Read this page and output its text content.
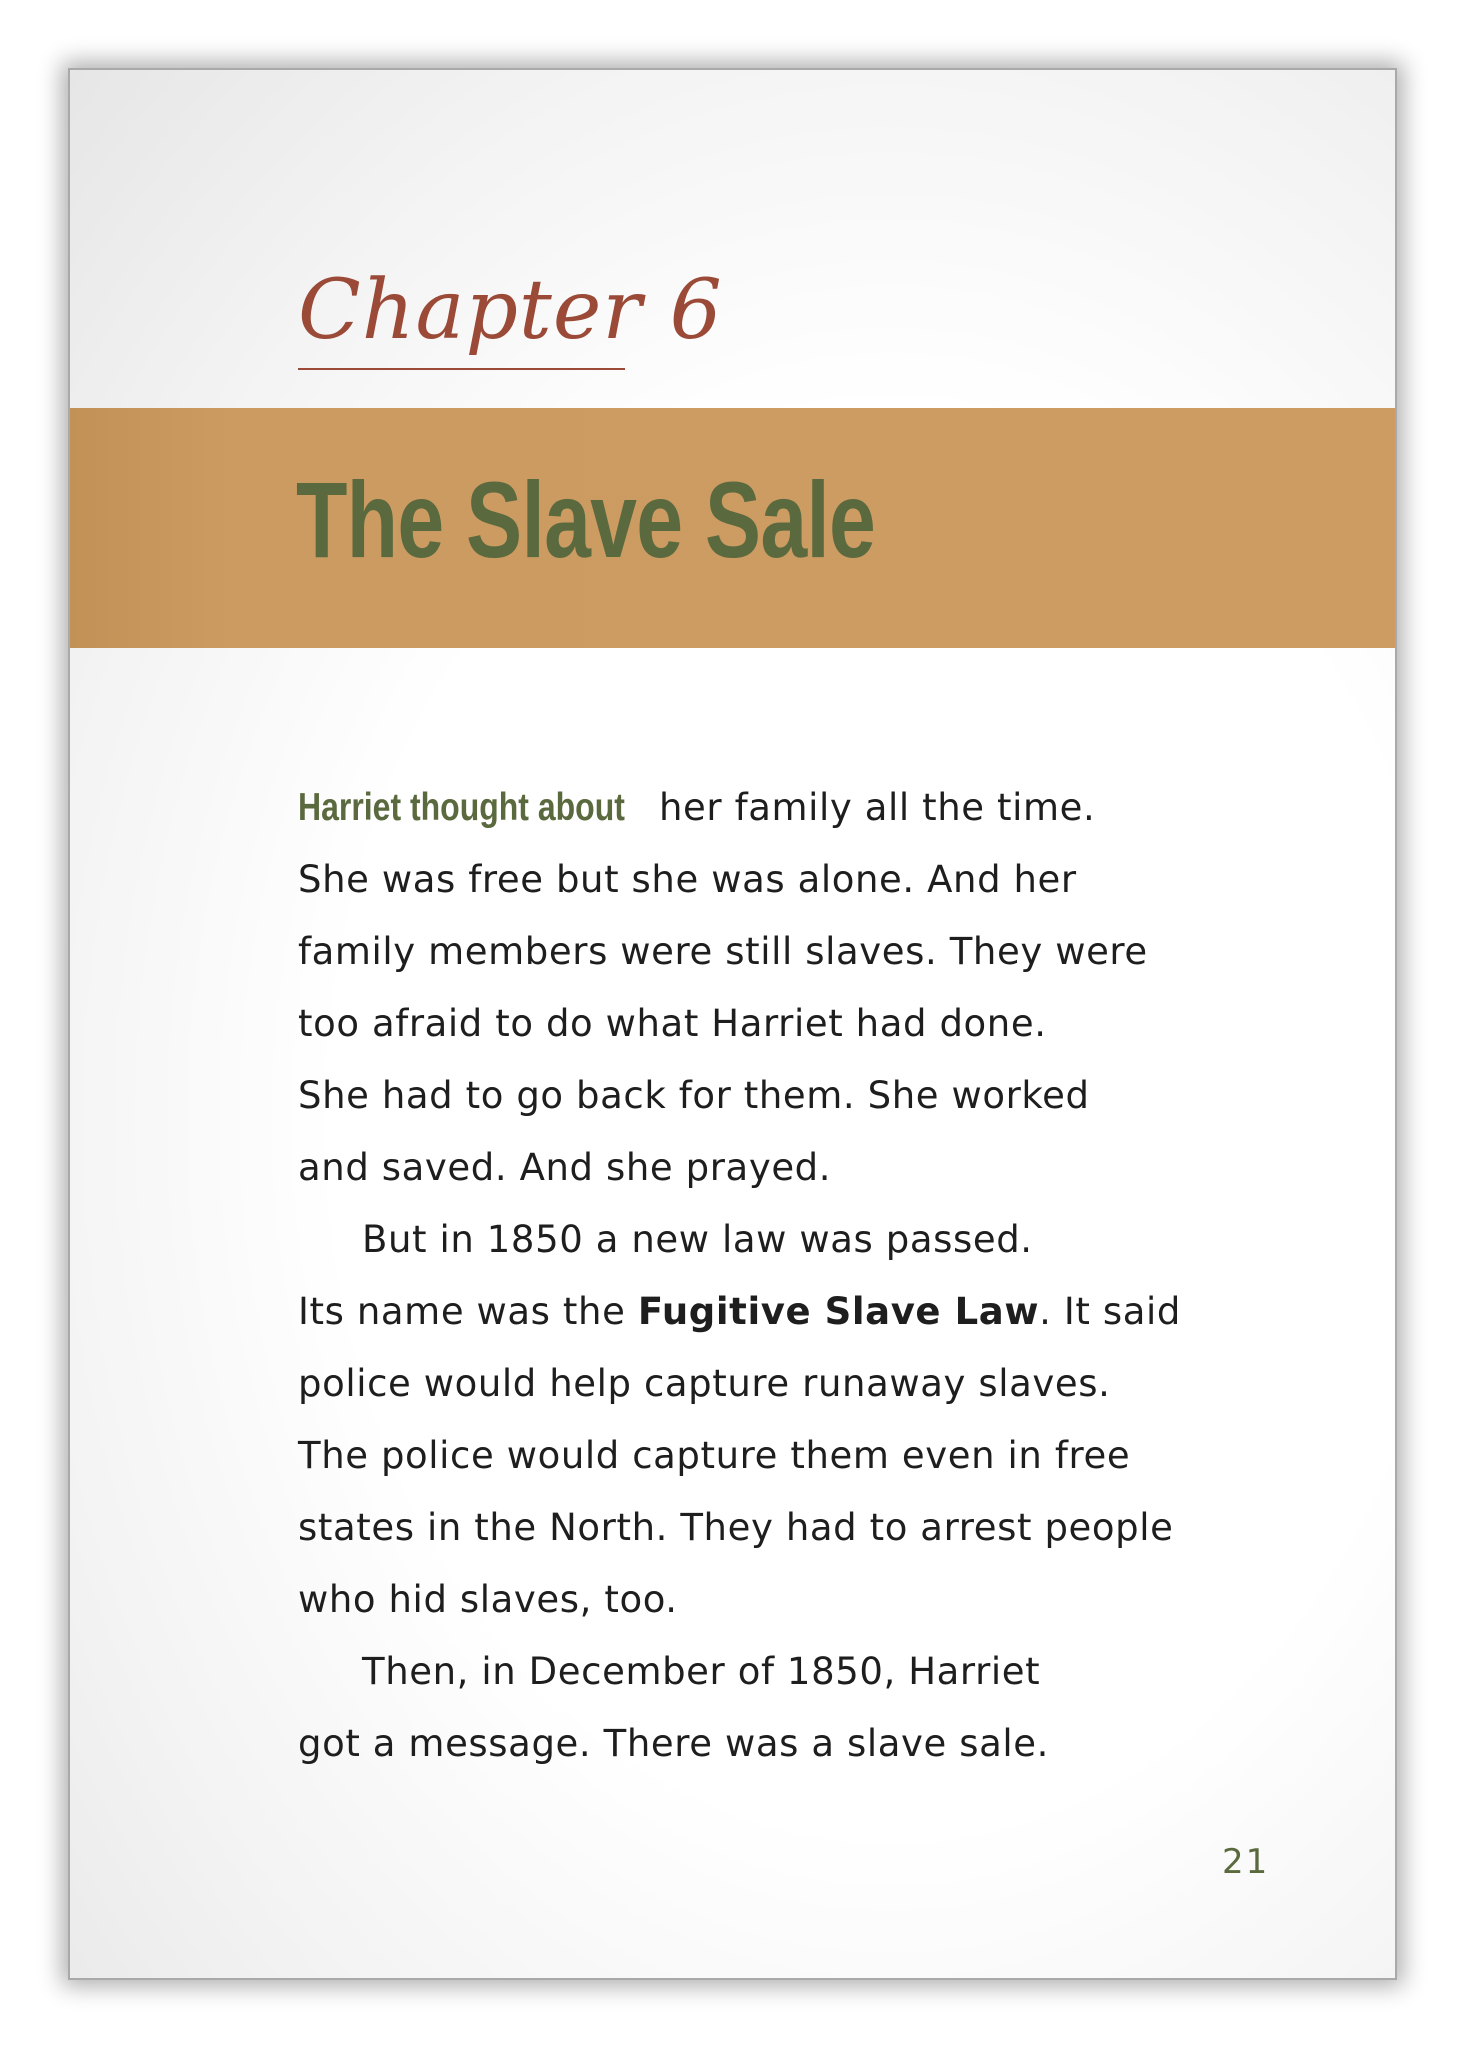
Chapter 6
The Slave Sale
Harriet thought about her family all the time.
She was free but she was alone. And her
family members were still slaves. They were
too afraid to do what Harriet had done.
She had to go back for them. She worked
and saved. And she prayed.
But in 1850 a new law was passed.
Its name was the Fugitive Slave Law. It said
police would help capture runaway slaves.
The police would capture them even in free
states in the North. They had to arrest people
who hid slaves, too.
Then, in December of 1850, Harriet
got a message. There was a slave sale.
21
